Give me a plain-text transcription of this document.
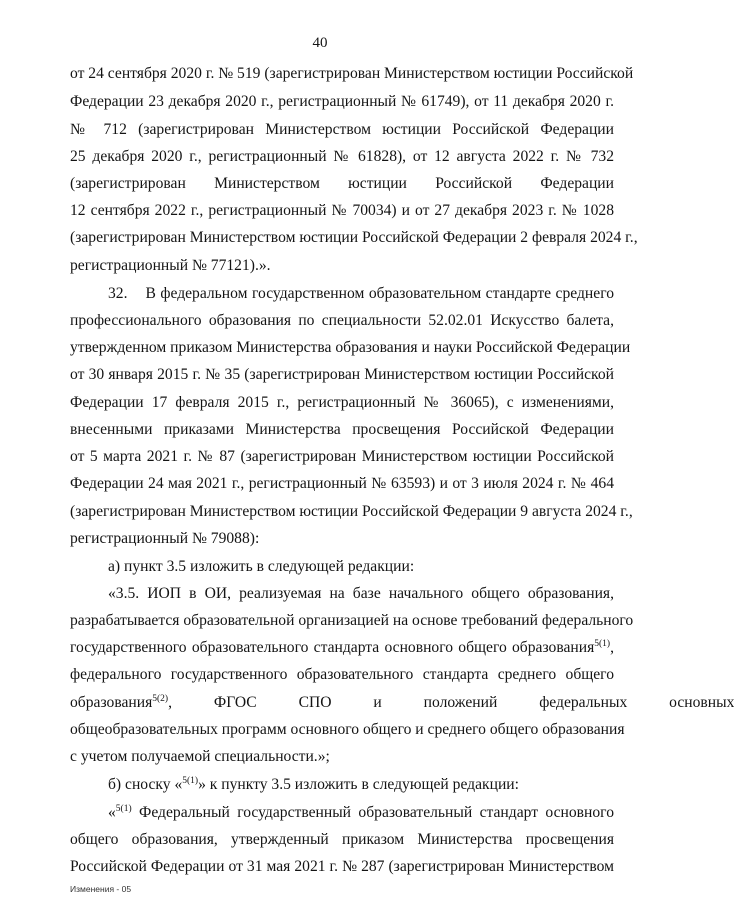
40
от 24 сентября 2020 г. № 519 (зарегистрирован Министерством юстиции Российской
Федерации 23 декабря 2020 г., регистрационный № 61749), от 11 декабря 2020 г.
№ 712 (зарегистрирован Министерством юстиции Российской Федерации
25 декабря 2020 г., регистрационный № 61828), от 12 августа 2022 г. № 732
(зарегистрирован Министерством юстиции Российской Федерации
12 сентября 2022 г., регистрационный № 70034) и от 27 декабря 2023 г. № 1028
(зарегистрирован Министерством юстиции Российской Федерации 2 февраля 2024 г.,
регистрационный № 77121).».
32.    В федеральном государственном образовательном стандарте среднего
профессионального образования по специальности 52.02.01 Искусство балета,
утвержденном приказом Министерства образования и науки Российской Федерации
от 30 января 2015 г. № 35 (зарегистрирован Министерством юстиции Российской
Федерации 17 февраля 2015 г., регистрационный № 36065), с изменениями,
внесенными приказами Министерства просвещения Российской Федерации
от 5 марта 2021 г. № 87 (зарегистрирован Министерством юстиции Российской
Федерации 24 мая 2021 г., регистрационный № 63593) и от 3 июля 2024 г. № 464
(зарегистрирован Министерством юстиции Российской Федерации 9 августа 2024 г.,
регистрационный № 79088):
а) пункт 3.5 изложить в следующей редакции:
«3.5. ИОП в ОИ, реализуемая на базе начального общего образования,
разрабатывается образовательной организацией на основе требований федерального
государственного образовательного стандарта основного общего образования$^{5(1)}$,
федерального государственного образовательного стандарта среднего общего
образования$^{5(2)}$, ФГОС СПО и положений федеральных основных
общеобразовательных программ основного общего и среднего общего образования
с учетом получаемой специальности.»;
б) сноску «$^{5(1)}$» к пункту 3.5 изложить в следующей редакции:
«$^{5(1)}$ Федеральный государственный образовательный стандарт основного
общего образования, утвержденный приказом Министерства просвещения
Российской Федерации от 31 мая 2021 г. № 287 (зарегистрирован Министерством
Изменения - 05
